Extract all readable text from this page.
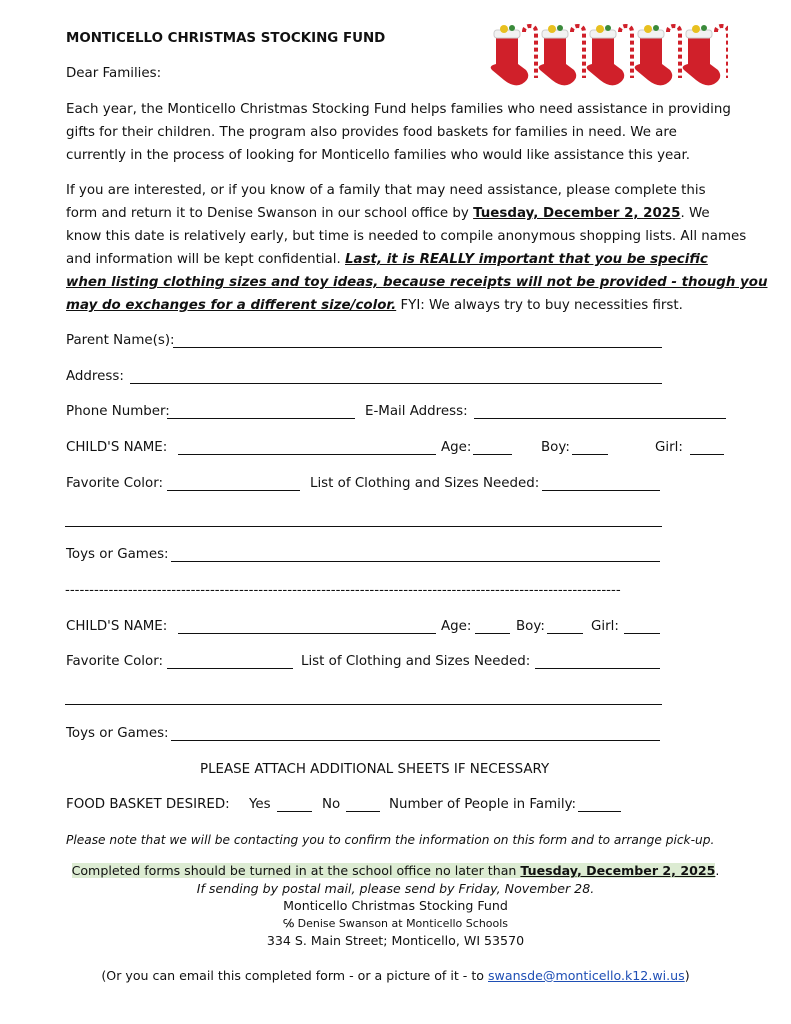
MONTICELLO CHRISTMAS STOCKING FUND
Dear Families:
Each year, the Monticello Christmas Stocking Fund helps families who need assistance in providing
gifts for their children. The program also provides food baskets for families in need. We are
currently in the process of looking for Monticello families who would like assistance this year.
If you are interested, or if you know of a family that may need assistance, please complete this
form and return it to Denise Swanson in our school office by Tuesday, December 2, 2025. We
know this date is relatively early, but time is needed to compile anonymous shopping lists. All names
and information will be kept confidential. Last, it is REALLY important that you be specific
when listing clothing sizes and toy ideas, because receipts will not be provided - though you
may do exchanges for a different size/color. FYI: We always try to buy necessities first.
Parent Name(s):
Address:
Phone Number:	E-Mail Address:
CHILD'S NAME:	Age:	Boy:	Girl:
Favorite Color:	List of Clothing and Sizes Needed:
Toys or Games:
-------------------------------------------------------------------------------------------------------------------
CHILD'S NAME:	Age:	Boy:	Girl:
Favorite Color:	List of Clothing and Sizes Needed:
Toys or Games:
PLEASE ATTACH ADDITIONAL SHEETS IF NECESSARY
FOOD BASKET DESIRED: Yes	No	Number of People in Family:
Please note that we will be contacting you to confirm the information on this form and to arrange pick-up.
Completed forms should be turned in at the school office no later than Tuesday, December 2, 2025.
If sending by postal mail, please send by Friday, November 28.
Monticello Christmas Stocking Fund
℅ Denise Swanson at Monticello Schools
334 S. Main Street; Monticello, WI 53570
(Or you can email this completed form - or a picture of it - to swansde@monticello.k12.wi.us)
